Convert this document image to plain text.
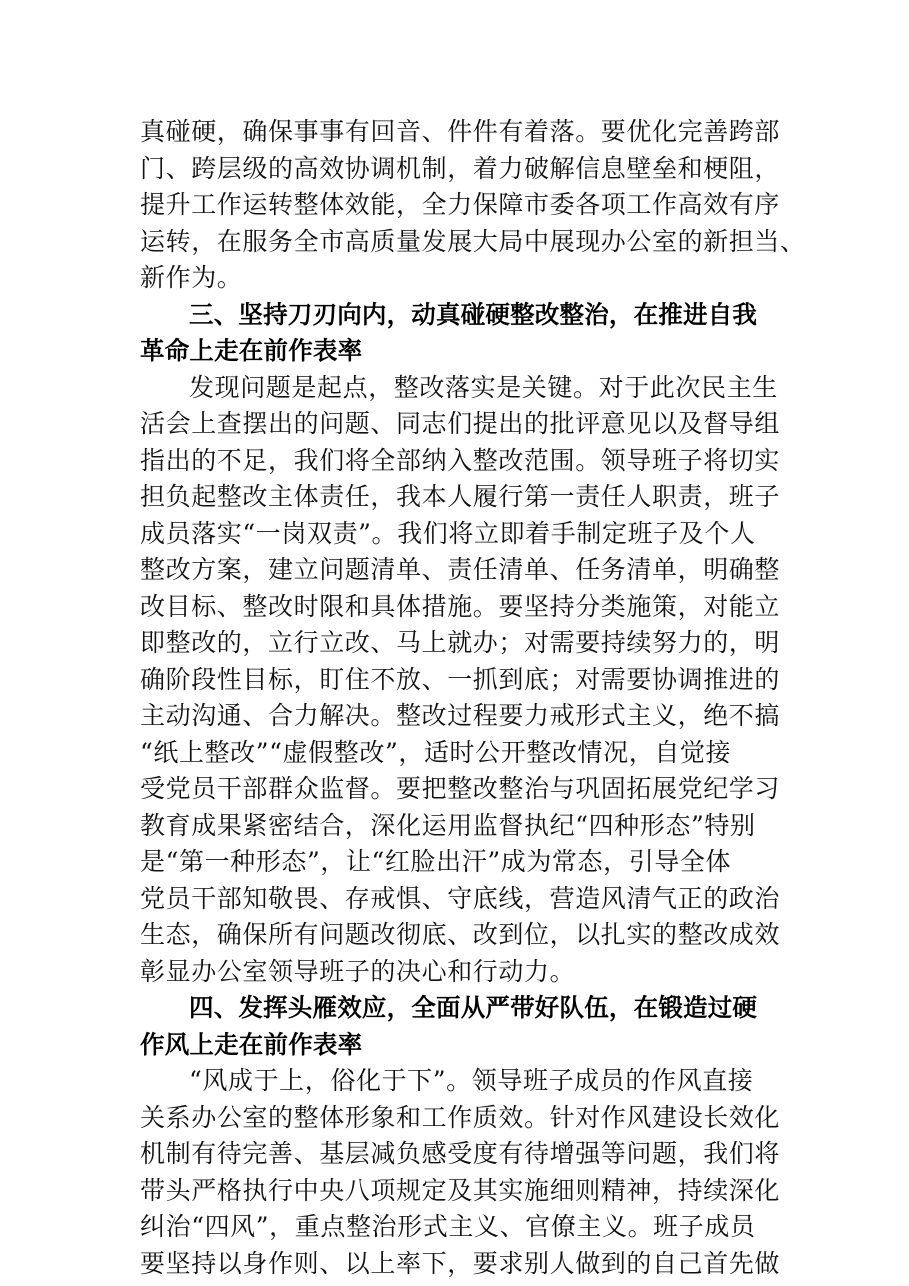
真碰硬，确保事事有回音、件件有着落。要优化完善跨部
门、跨层级的高效协调机制，着力破解信息壁垒和梗阻，
提升工作运转整体效能，全力保障市委各项工作高效有序
运转，在服务全市高质量发展大局中展现办公室的新担当、
新作为。
三、坚持刀刃向内，动真碰硬整改整治，在推进自我
革命上走在前作表率
发现问题是起点，整改落实是关键。对于此次民主生
活会上查摆出的问题、同志们提出的批评意见以及督导组
指出的不足，我们将全部纳入整改范围。领导班子将切实
担负起整改主体责任，我本人履行第一责任人职责，班子
成员落实“一岗双责”。我们将立即着手制定班子及个人
整改方案，建立问题清单、责任清单、任务清单，明确整
改目标、整改时限和具体措施。要坚持分类施策，对能立
即整改的，立行立改、马上就办；对需要持续努力的，明
确阶段性目标，盯住不放、一抓到底；对需要协调推进的
主动沟通、合力解决。整改过程要力戒形式主义，绝不搞
“纸上整改”“虚假整改”，适时公开整改情况，自觉接
受党员干部群众监督。要把整改整治与巩固拓展党纪学习
教育成果紧密结合，深化运用监督执纪“四种形态”特别
是“第一种形态”，让“红脸出汗”成为常态，引导全体
党员干部知敬畏、存戒惧、守底线，营造风清气正的政治
生态，确保所有问题改彻底、改到位，以扎实的整改成效
彰显办公室领导班子的决心和行动力。
四、发挥头雁效应，全面从严带好队伍，在锻造过硬
作风上走在前作表率
“风成于上，俗化于下”。领导班子成员的作风直接
关系办公室的整体形象和工作质效。针对作风建设长效化
机制有待完善、基层减负感受度有待增强等问题，我们将
带头严格执行中央八项规定及其实施细则精神，持续深化
纠治“四风”，重点整治形式主义、官僚主义。班子成员
要坚持以身作则、以上率下，要求别人做到的自己首先做
